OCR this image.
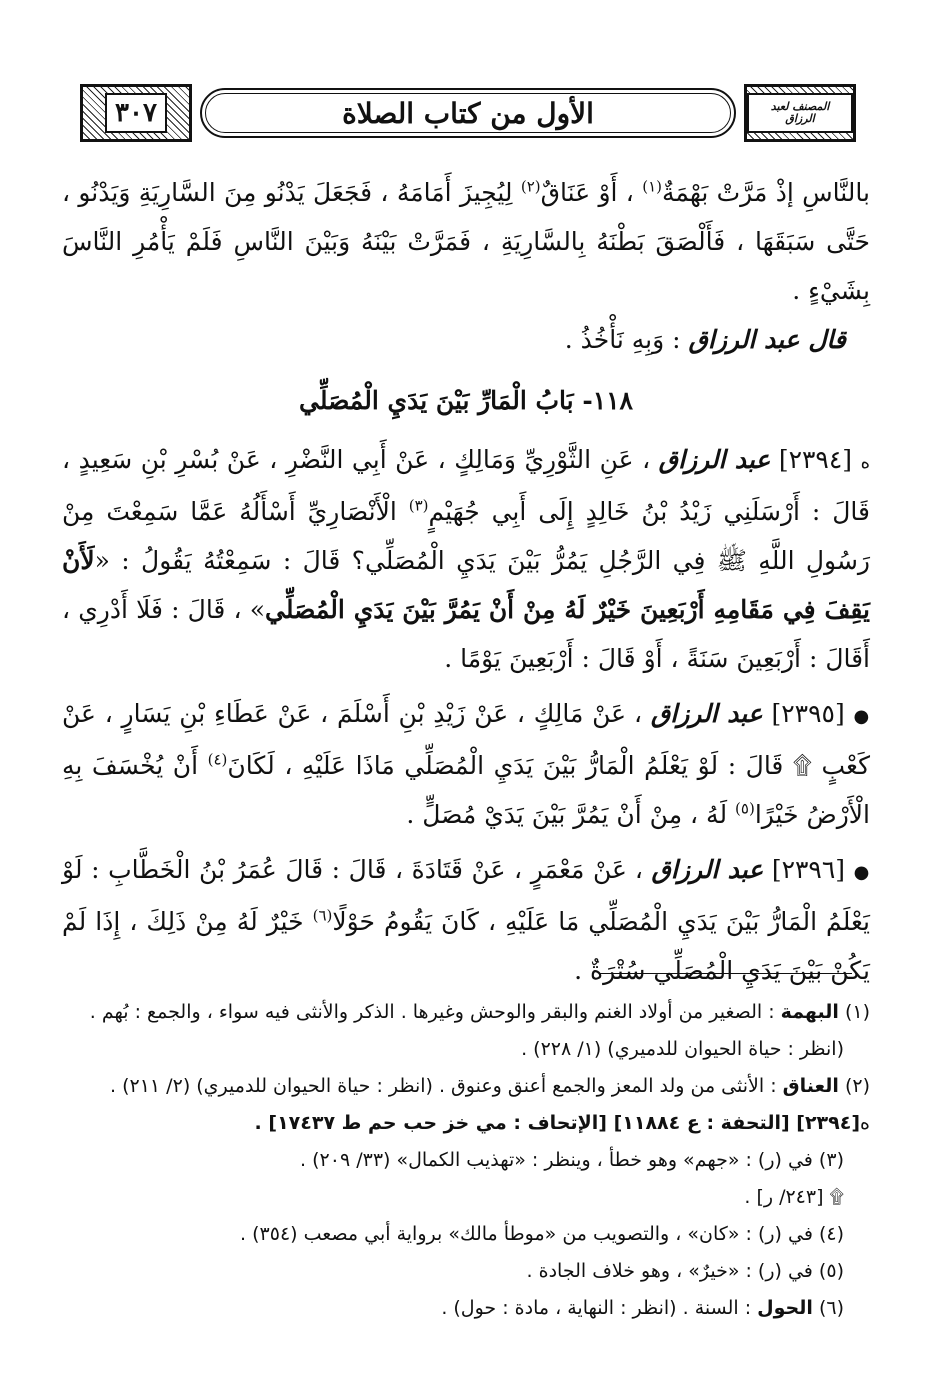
٣٠٧	الأول من كتاب الصلاة	المصنف لعبد الرزاق

بالنَّاسِ إذْ مَرَّتْ بَهْمَةٌ$^{(١)}$ ، أَوْ عَنَاقٌ$^{(٢)}$ لِيُجِيزَ أَمَامَهُ ، فَجَعَلَ يَدْنُو مِنَ السَّارِيَةِ وَيَدْنُو ، حَتَّى سَبَقَهَا ، فَأَلْصَقَ بَطْنَهُ بِالسَّارِيَةِ ، فَمَرَّتْ بَيْنَهُ وَبَيْنَ النَّاسِ فَلَمْ يَأْمُرِ النَّاسَ بِشَيْءٍ .

قال عبد الرزاق : وَبِهِ نَأْخُذُ .

١١٨- بَابُ الْمَارِّ بَيْنَ يَدَيِ الْمُصَلِّي

ه [٢٣٩٤] عبد الرزاق ، عَنِ الثَّوْرِيِّ وَمَالِكٍ ، عَنْ أَبِي النَّضْرِ ، عَنْ بُسْرِ بْنِ سَعِيدٍ ، قَالَ : أَرْسَلَنِي زَيْدُ بْنُ خَالِدٍ إِلَى أَبِي جُهَيْمٍ$^{(٣)}$ الْأَنْصَارِيِّ أَسْأَلُهُ عَمَّا سَمِعْتَ مِنْ رَسُولِ اللَّهِ ﷺ فِي الرَّجُلِ يَمُرُّ بَيْنَ يَدَيِ الْمُصَلِّي؟ قَالَ : سَمِعْتُهُ يَقُولُ : «لَأَنْ يَقِفَ فِي مَقَامِهِ أَرْبَعِينَ خَيْرٌ لَهُ مِنْ أَنْ يَمُرَّ بَيْنَ يَدَيِ الْمُصَلِّي» ، قَالَ : فَلَا أَدْرِي ، أَقَالَ : أَرْبَعِينَ سَنَةً ، أَوْ قَالَ : أَرْبَعِينَ يَوْمًا .

● [٢٣٩٥] عبد الرزاق ، عَنْ مَالِكٍ ، عَنْ زَيْدِ بْنِ أَسْلَمَ ، عَنْ عَطَاءِ بْنِ يَسَارٍ ، عَنْ كَعْبٍ ۩ قَالَ : لَوْ يَعْلَمُ الْمَارُّ بَيْنَ يَدَيِ الْمُصَلِّي مَاذَا عَلَيْهِ ، لَكَانَ$^{(٤)}$ أَنْ يُخْسَفَ بِهِ الْأَرْضُ خَيْرًا$^{(٥)}$ لَهُ ، مِنْ أَنْ يَمُرَّ بَيْنَ يَدَيْ مُصَلٍّ .

● [٢٣٩٦] عبد الرزاق ، عَنْ مَعْمَرٍ ، عَنْ قَتَادَةَ ، قَالَ : قَالَ عُمَرُ بْنُ الْخَطَّابِ : لَوْ يَعْلَمُ الْمَارُّ بَيْنَ يَدَيِ الْمُصَلِّي مَا عَلَيْهِ ، كَانَ يَقُومُ حَوْلًا$^{(٦)}$ خَيْرٌ لَهُ مِنْ ذَلِكَ ، إِذَا لَمْ يَكُنْ بَيْنَ يَدَيِ الْمُصَلِّي سُتْرَةٌ .

(١) البهمة : الصغير من أولاد الغنم والبقر والوحش وغيرها . الذكر والأنثى فيه سواء ، والجمع : بُهم .

(انظر : حياة الحيوان للدميري) (١/ ٢٢٨) .

(٢) العناق : الأنثى من ولد المعز والجمع أعنق وعنوق . (انظر : حياة الحيوان للدميري) (٢/ ٢١١) .

ه[٢٣٩٤] [التحفة : ع ١١٨٨٤] [الإتحاف : مي خز حب حم ط ١٧٤٣٧] .

(٣) في (ر) : «جهم» وهو خطأ ، وينظر : «تهذيب الكمال» (٣٣/ ٢٠٩) .

۩ [٢٤٣/ ر] .

(٤) في (ر) : «كان» ، والتصويب من «موطأ مالك» برواية أبي مصعب (٣٥٤) .

(٥) في (ر) : «خيرٌ» ، وهو خلاف الجادة .

(٦) الحول : السنة . (انظر : النهاية ، مادة : حول) .
